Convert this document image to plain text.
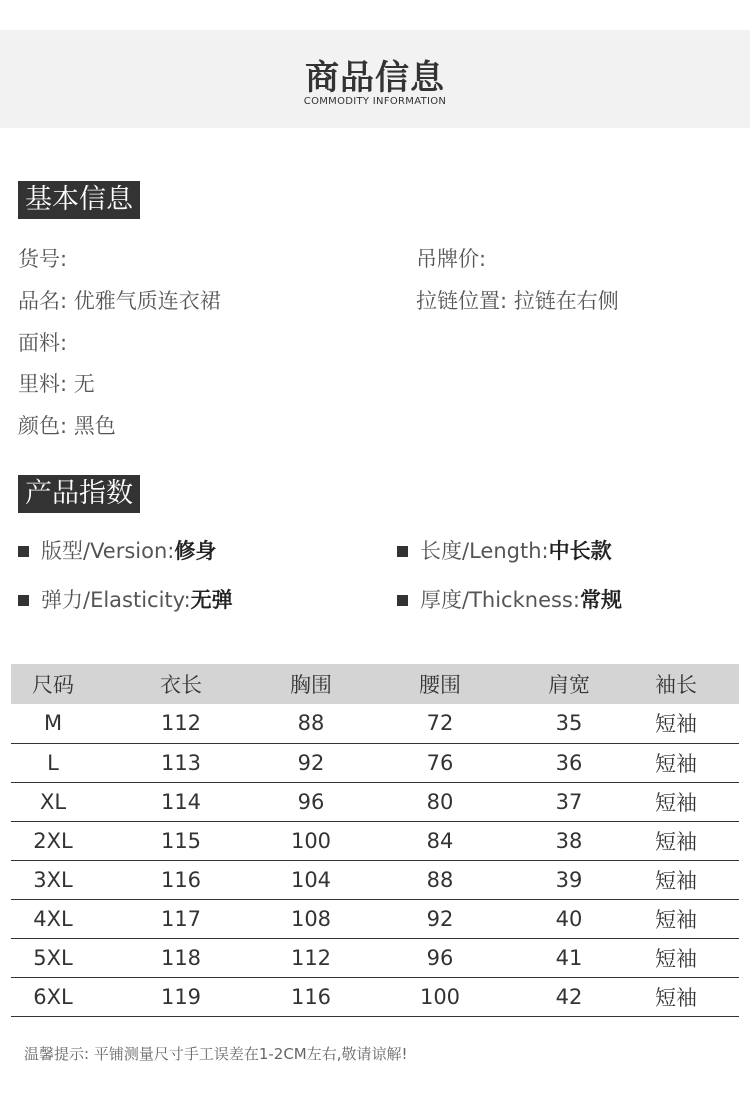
商品信息
COMMODITY INFORMATION
基本信息
货号:	吊牌价:
品名: 优雅气质连衣裙	拉链位置: 拉链在右侧
面料:
里料: 无
颜色: 黑色
产品指数
版型/Version: 修身	长度/Length: 中长款
弹力/Elasticity: 无弹	厚度/Thickness: 常规
尺码	衣长	胸围	腰围	肩宽	袖长
M	112	88	72	35	短袖
L	113	92	76	36	短袖
XL	114	96	80	37	短袖
2XL	115	100	84	38	短袖
3XL	116	104	88	39	短袖
4XL	117	108	92	40	短袖
5XL	118	112	96	41	短袖
6XL	119	116	100	42	短袖
温馨提示: 平铺测量尺寸手工误差在1-2CM左右,敬请谅解!
